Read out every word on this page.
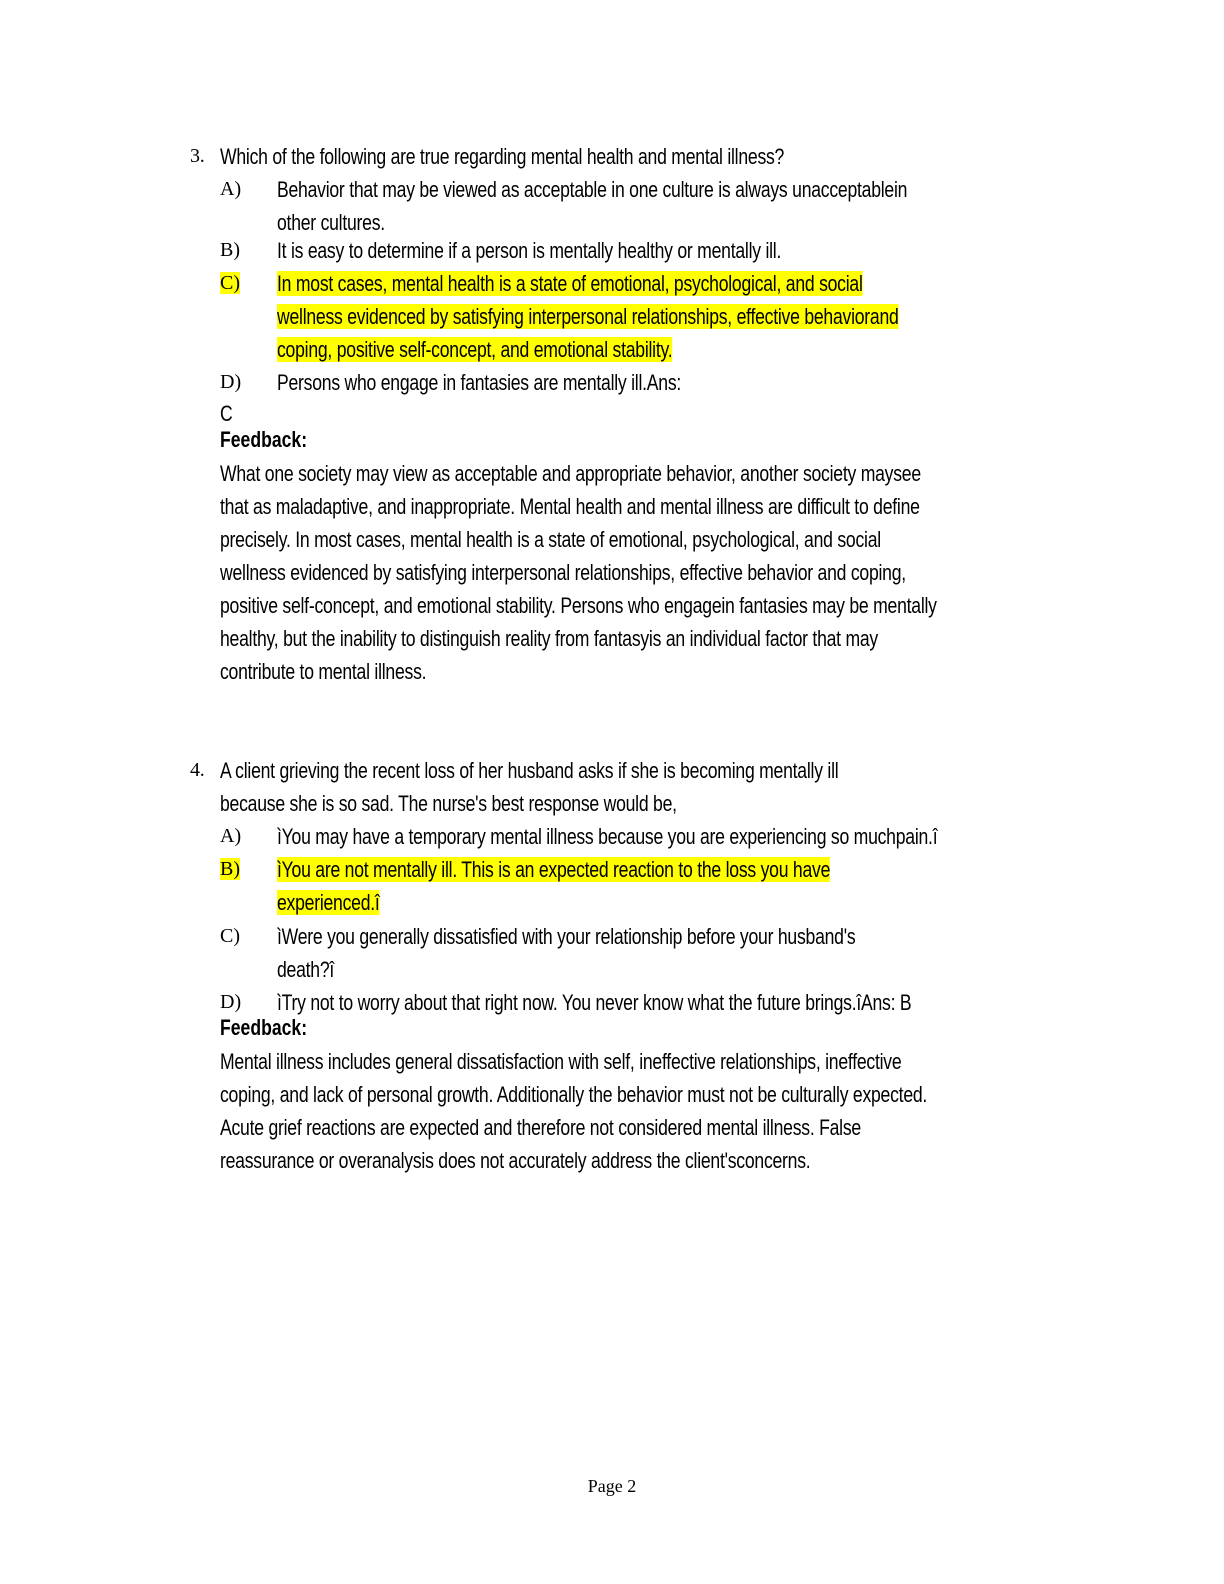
3. Which of the following are true regarding mental health and mental illness?
A) Behavior that may be viewed as acceptable in one culture is always unacceptablein
other cultures.
B) It is easy to determine if a person is mentally healthy or mentally ill.
C) In most cases, mental health is a state of emotional, psychological, and social
wellness evidenced by satisfying interpersonal relationships, effective behaviorand
coping, positive self-concept, and emotional stability.
D) Persons who engage in fantasies are mentally ill.Ans:
C
Feedback:
What one society may view as acceptable and appropriate behavior, another society maysee
that as maladaptive, and inappropriate. Mental health and mental illness are difficult to define
precisely. In most cases, mental health is a state of emotional, psychological, and social
wellness evidenced by satisfying interpersonal relationships, effective behavior and coping,
positive self-concept, and emotional stability. Persons who engagein fantasies may be mentally
healthy, but the inability to distinguish reality from fantasyis an individual factor that may
contribute to mental illness.
4. A client grieving the recent loss of her husband asks if she is becoming mentally ill
because she is so sad. The nurse's best response would be,
A) ìYou may have a temporary mental illness because you are experiencing so muchpain.î
B) ìYou are not mentally ill. This is an expected reaction to the loss you have
experienced.î
C) ìWere you generally dissatisfied with your relationship before your husband's
death?î
D) ìTry not to worry about that right now. You never know what the future brings.îAns: B
Feedback:
Mental illness includes general dissatisfaction with self, ineffective relationships, ineffective
coping, and lack of personal growth. Additionally the behavior must not be culturally expected.
Acute grief reactions are expected and therefore not considered mental illness. False
reassurance or overanalysis does not accurately address the client'sconcerns.
Page 2
